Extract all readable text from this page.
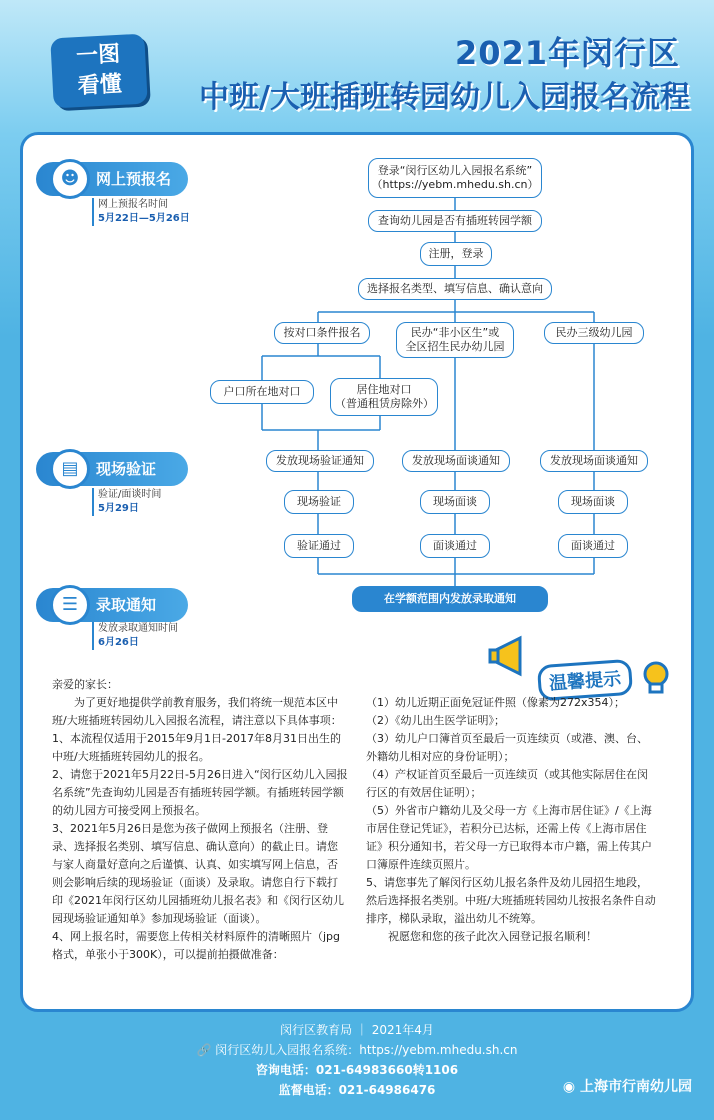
一图
看懂
2021年闵行区
中班/大班插班转园幼儿入园报名流程
☻	网上预报名
网上预报名时间
5月22日—5月26日
▤	现场验证
验证/面谈时间
5月29日
☰	录取通知
发放录取通知时间
6月26日
登录“闵行区幼儿入园报名系统”
（https://yebm.mhedu.sh.cn）
查询幼儿园是否有插班转园学额
注册，登录
选择报名类型、填写信息、确认意向
按对口条件报名	民办“非小区生”或
全区招生民办幼儿园
民办三级幼儿园
户口所在地对口	居住地对口
（普通租赁房除外）
发放现场验证通知	发放现场面谈通知	发放现场面谈通知
现场验证	现场面谈	现场面谈
验证通过	面谈通过	面谈通过
在学额范围内发放录取通知
温馨提示
亲爱的家长：

　　为了更好地提供学前教育服务，我们将统一规范本区中班/大班插班转园幼儿入园报名流程，请注意以下具体事项：

1、本流程仅适用于2015年9月1日-2017年8月31日出生的中班/大班插班转园幼儿的报名。

2、请您于2021年5月22日-5月26日进入“闵行区幼儿入园报名系统”先查询幼儿园是否有插班转园学额。有插班转园学额的幼儿园方可接受网上预报名。

3、2021年5月26日是您为孩子做网上预报名（注册、登录、选择报名类别、填写信息、确认意向）的截止日。请您与家人商量好意向之后谨慎、认真、如实填写网上信息，否则会影响后续的现场验证（面谈）及录取。请您自行下载打印《2021年闵行区幼儿园插班幼儿报名表》和《闵行区幼儿园现场验证通知单》参加现场验证（面谈）。

4、网上报名时，需要您上传相关材料原件的清晰照片（jpg格式，单张小于300K），可以提前拍摄做准备：

（1）幼儿近期正面免冠证件照（像素为272x354）；

（2）《幼儿出生医学证明》；

（3）幼儿户口簿首页至最后一页连续页（或港、澳、台、外籍幼儿相对应的身份证明）；

（4）产权证首页至最后一页连续页（或其他实际居住在闵行区的有效居住证明）；

（5）外省市户籍幼儿及父母一方《上海市居住证》/《上海市居住登记凭证》，若积分已达标，还需上传《上海市居住证》积分通知书，若父母一方已取得本市户籍，需上传其户口簿原件连续页照片。

5、请您事先了解闵行区幼儿报名条件及幼儿园招生地段，然后选择报名类别。中班/大班插班转园幼儿按报名条件自动排序，梯队录取，溢出幼儿不统筹。

　　祝愿您和您的孩子此次入园登记报名顺利！

闵行区教育局 ｜ 2021年4月
🔗 闵行区幼儿入园报名系统：https://yebm.mhedu.sh.cn
咨询电话：021-64983660转1106
监督电话：021-64986476	◉ 上海市行南幼儿园
